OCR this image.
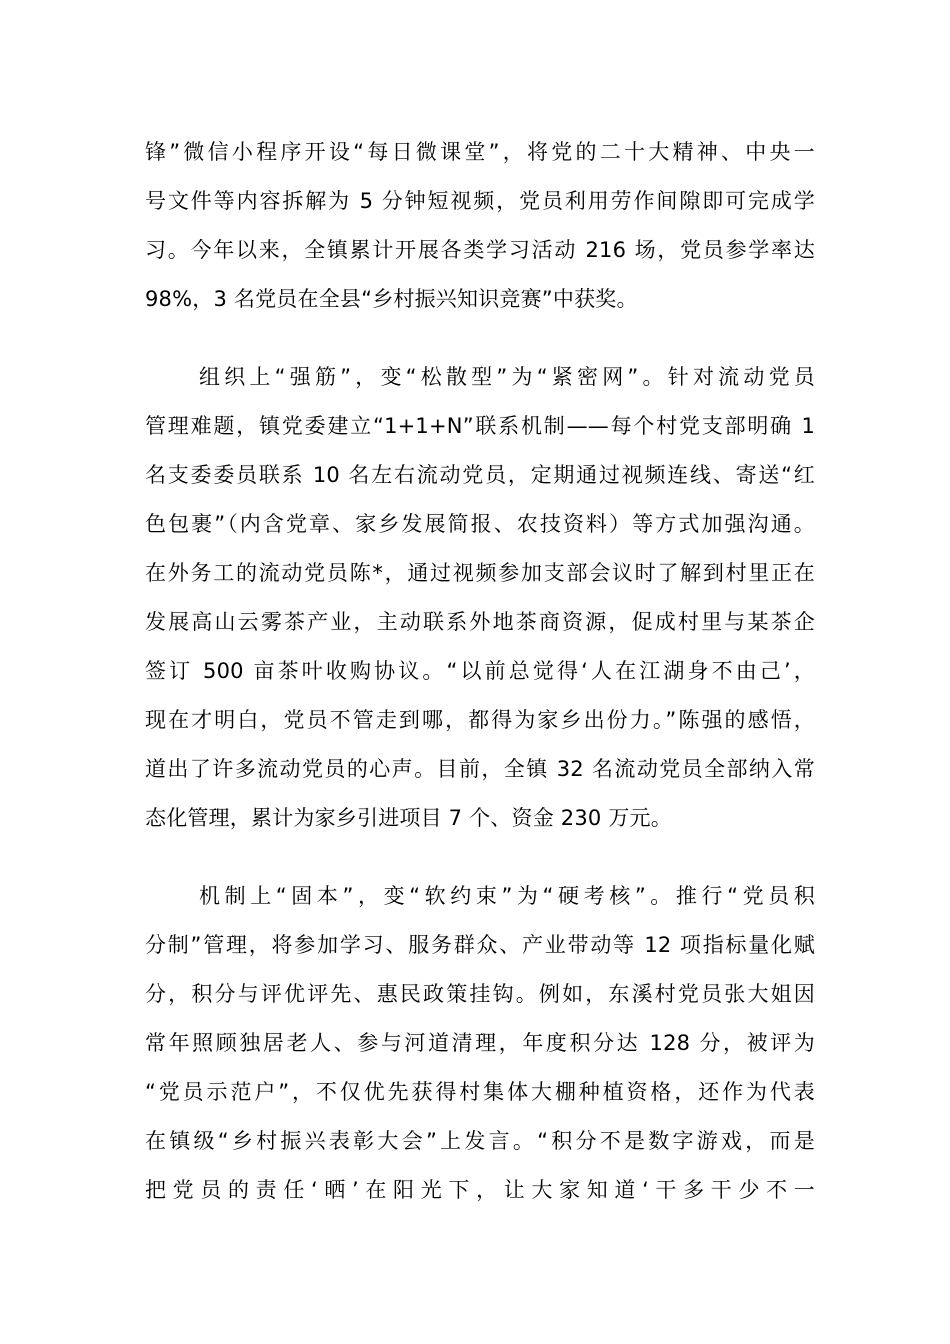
锋”微信小程序开设“每日微课堂”，将党的二十大精神、中央一
号文件等内容拆解为 5 分钟短视频，党员利用劳作间隙即可完成学
习。今年以来，全镇累计开展各类学习活动 216 场，党员参学率达
98%，3 名党员在全县“乡村振兴知识竞赛”中获奖。
组织上“强筋”，变“松散型”为“紧密网”。针对流动党员
管理难题，镇党委建立“1+1+N”联系机制——每个村党支部明确 1
名支委委员联系 10 名左右流动党员，定期通过视频连线、寄送“红
色包裹”（内含党章、家乡发展简报、农技资料）等方式加强沟通。
在外务工的流动党员陈*，通过视频参加支部会议时了解到村里正在
发展高山云雾茶产业，主动联系外地茶商资源，促成村里与某茶企
签订 500 亩茶叶收购协议。“以前总觉得‘人在江湖身不由己’，
现在才明白，党员不管走到哪，都得为家乡出份力。”陈强的感悟，
道出了许多流动党员的心声。目前，全镇 32 名流动党员全部纳入常
态化管理，累计为家乡引进项目 7 个、资金 230 万元。
机制上“固本”，变“软约束”为“硬考核”。推行“党员积
分制”管理，将参加学习、服务群众、产业带动等 12 项指标量化赋
分，积分与评优评先、惠民政策挂钩。例如，东溪村党员张大姐因
常年照顾独居老人、参与河道清理，年度积分达 128 分，被评为
“党员示范户”，不仅优先获得村集体大棚种植资格，还作为代表
在镇级“乡村振兴表彰大会”上发言。“积分不是数字游戏，而是
把党员的责任‘晒’在阳光下，让大家知道‘干多干少不一
